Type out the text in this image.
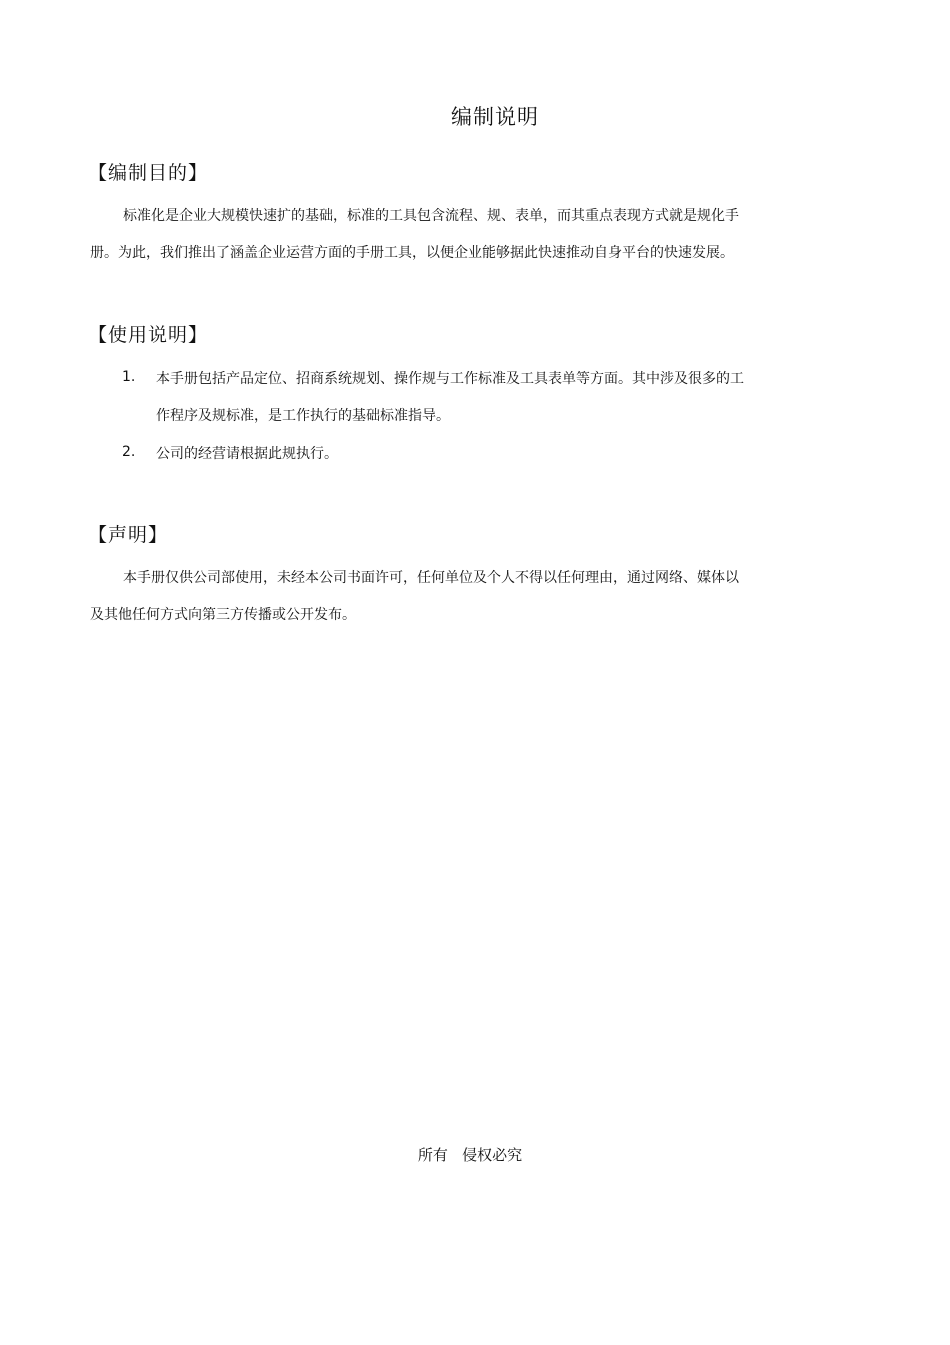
编制说明
【编制目的】
标准化是企业大规模快速扩的基础，标准的工具包含流程、规、表单，而其重点表现方式就是规化手
册。为此，我们推出了涵盖企业运营方面的手册工具，以便企业能够据此快速推动自身平台的快速发展。
【使用说明】
1. 本手册包括产品定位、招商系统规划、操作规与工作标准及工具表单等方面。其中涉及很多的工
作程序及规标准，是工作执行的基础标准指导。
2. 公司的经营请根据此规执行。
【声明】
本手册仅供公司部使用，未经本公司书面许可，任何单位及个人不得以任何理由，通过网络、媒体以
及其他任何方式向第三方传播或公开发布。
所有   侵权必究
